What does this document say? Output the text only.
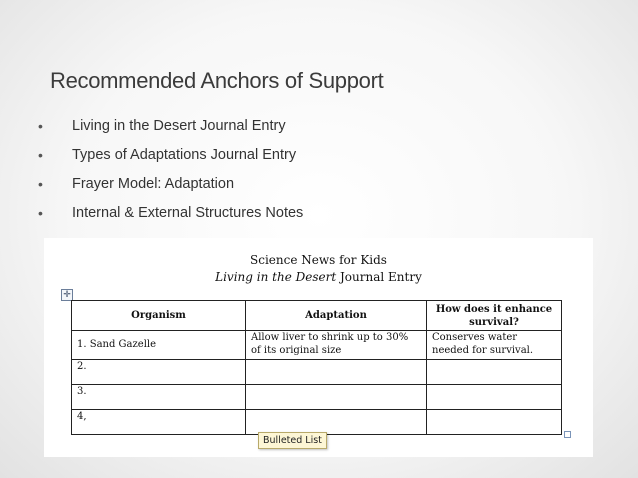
Recommended Anchors of Support
• Living in the Desert Journal Entry
• Types of Adaptations Journal Entry
• Frayer Model: Adaptation
• Internal & External Structures Notes
Science News for Kids
Living in the Desert Journal Entry
✛
Organism	Adaptation	How does it enhance survival?
1. Sand Gazelle	Allow liver to shrink up to 30% of its original size	Conserves water needed for survival.
2.		
3.		
4,		
Bulleted List
